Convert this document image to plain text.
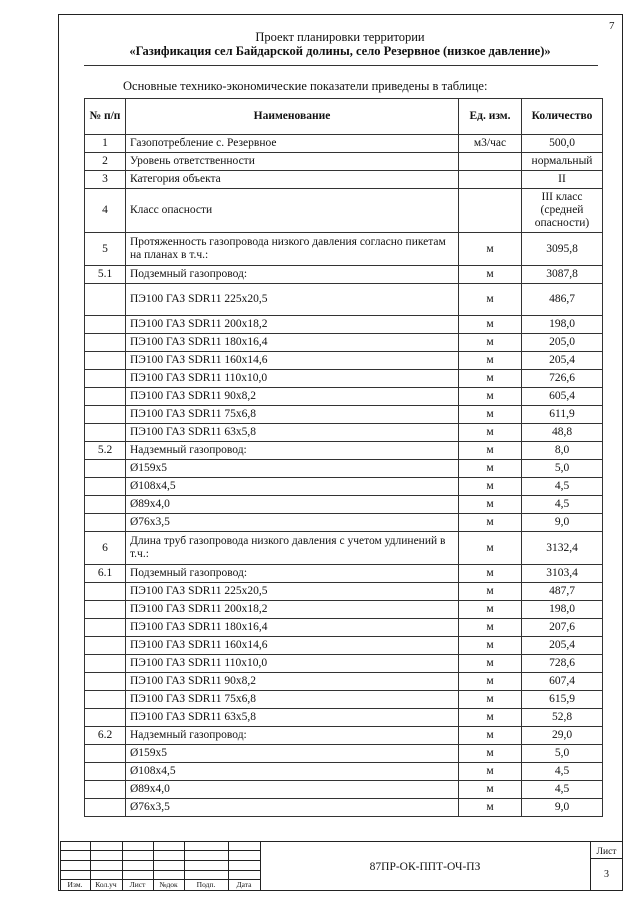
7
Проект планировки территории
«Газификация сел Байдарской долины, село Резервное (низкое давление)»
Основные технико-экономические показатели приведены в таблице:
№ п/п	Наименование	Ед. изм.	Количество
1	Газопотребление с. Резервное	м3/час	500,0
2	Уровень ответственности		нормальный
3	Категория объекта		II
4	Класс опасности		III класс (средней опасности)
5	Протяженность газопровода низкого давления согласно пикетам на планах в т.ч.:	м	3095,8
5.1	Подземный газопровод:	м	3087,8
	ПЭ100 ГАЗ SDR11 225х20,5	м	486,7
	ПЭ100 ГАЗ SDR11 200х18,2	м	198,0
	ПЭ100 ГАЗ SDR11 180х16,4	м	205,0
	ПЭ100 ГАЗ SDR11 160х14,6	м	205,4
	ПЭ100 ГАЗ SDR11 110х10,0	м	726,6
	ПЭ100 ГАЗ SDR11 90х8,2	м	605,4
	ПЭ100 ГАЗ SDR11 75х6,8	м	611,9
	ПЭ100 ГАЗ SDR11 63х5,8	м	48,8
5.2	Надземный газопровод:	м	8,0
	Ø159х5	м	5,0
	Ø108х4,5	м	4,5
	Ø89х4,0	м	4,5
	Ø76х3,5	м	9,0
6	Длина труб газопровода низкого давления с учетом удлинений в т.ч.:	м	3132,4
6.1	Подземный газопровод:	м	3103,4
	ПЭ100 ГАЗ SDR11 225х20,5	м	487,7
	ПЭ100 ГАЗ SDR11 200х18,2	м	198,0
	ПЭ100 ГАЗ SDR11 180х16,4	м	207,6
	ПЭ100 ГАЗ SDR11 160х14,6	м	205,4
	ПЭ100 ГАЗ SDR11 110х10,0	м	728,6
	ПЭ100 ГАЗ SDR11 90х8,2	м	607,4
	ПЭ100 ГАЗ SDR11 75х6,8	м	615,9
	ПЭ100 ГАЗ SDR11 63х5,8	м	52,8
6.2	Надземный газопровод:	м	29,0
	Ø159х5	м	5,0
	Ø108х4,5	м	4,5
	Ø89х4,0	м	4,5
	Ø76х3,5	м	9,0
Изм.	Кол.уч	Лист	№док	Подп.	Дата
87ПР-ОК-ППТ-ОЧ-ПЗ
Лист
3
